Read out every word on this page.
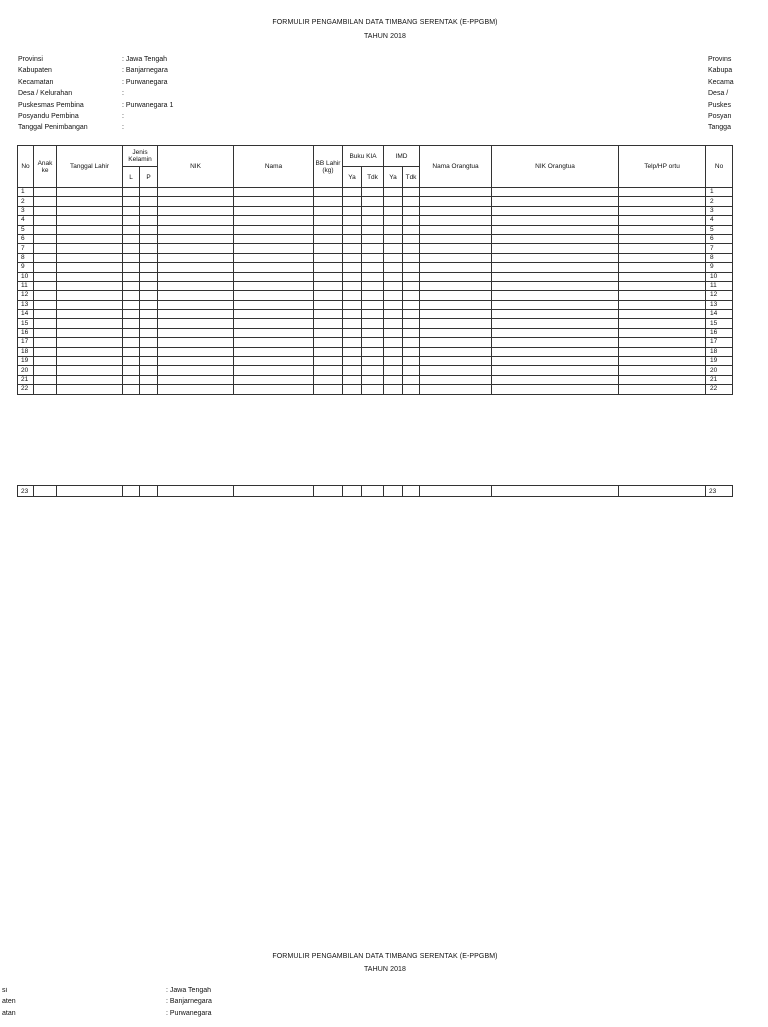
FORMULIR PENGAMBILAN DATA TIMBANG SERENTAK (E-PPGBM)
TAHUN 2018
Provinsi	: Jawa Tengah
Kabupaten	: Banjarnegara
Kecamatan	: Purwanegara
Desa / Kelurahan	:
Puskesmas Pembina	: Purwanegara 1
Posyandu Pembina	:
Tanggal Penimbangan	:
Provins
Kabupa
Kecama
Desa /
Puskes
Posyan
Tangga
No	Anak ke	Tanggal Lahir	Jenis Kelamin		NIK	Nama	BB Lahir (kg)	Buku KIA		IMD		Nama Orangtua	NIK Orangtua	Telp/HP ortu	No
			L	P				Ya	Tdk	Ya	Tdk				
1															1
2															2
3															3
4															4
5															5
6															6
7															7
8															8
9															9
10															10
11															11
12															12
13															13
14															14
15															15
16															16
17															17
18															18
19															19
20															20
21															21
22															22
23															23
FORMULIR PENGAMBILAN DATA TIMBANG SERENTAK (E-PPGBM)
TAHUN 2018
si	: Jawa Tengah
aten	: Banjarnegara
atan	: Purwanegara
